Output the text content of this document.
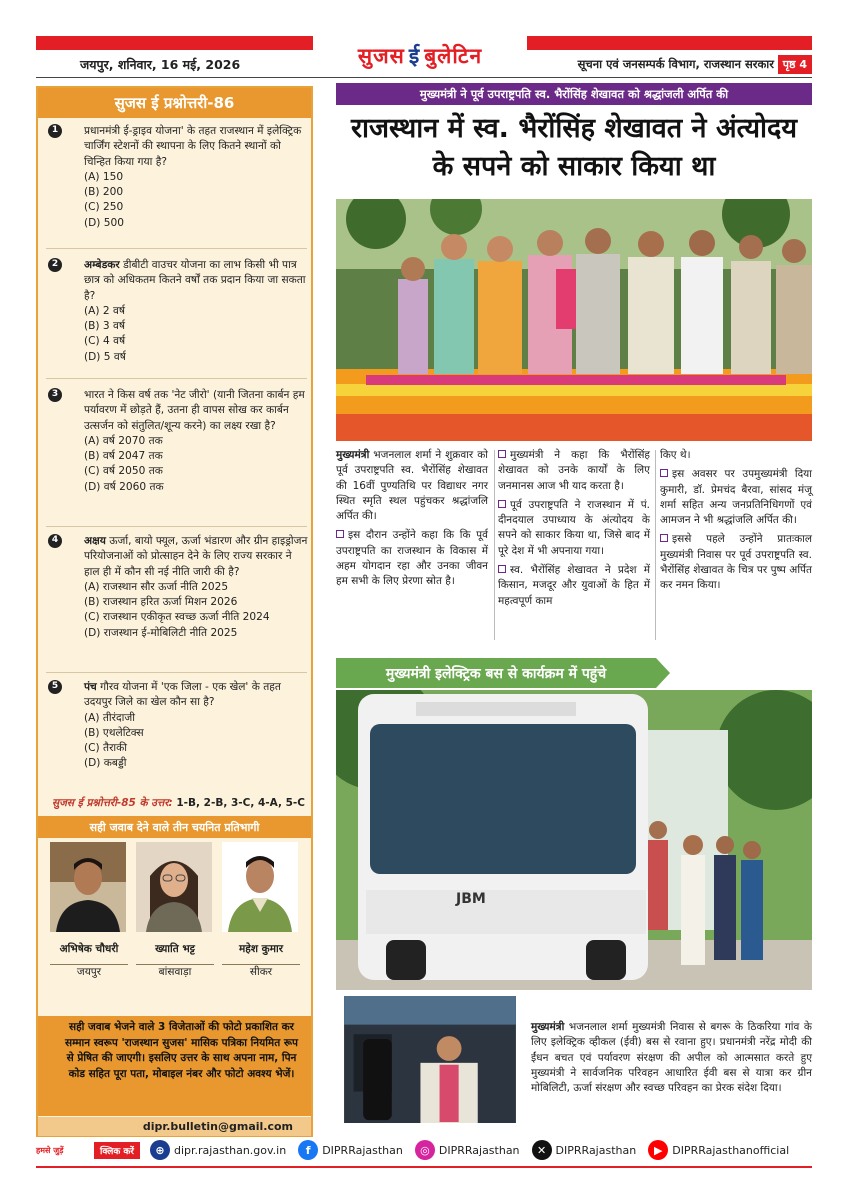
सुजस ई बुलेटिन
जयपुर, शनिवार, 16 मई, 2026	सूचना एवं जनसम्पर्क विभाग, राजस्थान सरकार पृष्ठ 4
सुजस ई प्रश्नोत्तरी-86
1	प्रधानमंत्री ई-ड्राइव योजना' के तहत राजस्थान में इलेक्ट्रिक चार्जिंग स्टेशनों की स्थापना के लिए कितने स्थानों को चिन्हित किया गया है?
(A) 150
(B) 200
(C) 250
(D) 500
2	अम्बेडकर डीबीटी वाउचर योजना का लाभ किसी भी पात्र छात्र को अधिकतम कितने वर्षों तक प्रदान किया जा सकता है?
(A) 2 वर्ष
(B) 3 वर्ष
(C) 4 वर्ष
(D) 5 वर्ष
3	भारत ने किस वर्ष तक 'नेट जीरो' (यानी जितना कार्बन हम पर्यावरण में छोड़ते हैं, उतना ही वापस सोख कर कार्बन उत्सर्जन को संतुलित/शून्य करने) का लक्ष्य रखा है?
(A) वर्ष 2070 तक
(B) वर्ष 2047 तक
(C) वर्ष 2050 तक
(D) वर्ष 2060 तक
4	अक्षय ऊर्जा, बायो फ्यूल, ऊर्जा भंडारण और ग्रीन हाइड्रोजन परियोजनाओं को प्रोत्साहन देने के लिए राज्य सरकार ने हाल ही में कौन सी नई नीति जारी की है?
(A) राजस्थान सौर ऊर्जा नीति 2025
(B) राजस्थान हरित ऊर्जा मिशन 2026
(C) राजस्थान एकीकृत स्वच्छ ऊर्जा नीति 2024
(D) राजस्थान ई-मोबिलिटी नीति 2025
5	पंच गौरव योजना में 'एक जिला - एक खेल' के तहत उदयपुर जिले का खेल कौन सा है?
(A) तीरंदाजी
(B) एथलेटिक्स
(C) तैराकी
(D) कबड्डी
सुजस ई प्रश्नोत्तरी-85 के उत्तर: 1-B, 2-B, 3-C, 4-A, 5-C
सही जवाब देने वाले तीन चयनित प्रतिभागी
अभिषेक चौधरी
जयपुर
ख्याति भट्ट
बांसवाड़ा
महेश कुमार
सीकर
सही जवाब भेजने वाले 3 विजेताओं की फोटो प्रकाशित कर सम्मान स्वरूप 'राजस्थान सुजस' मासिक पत्रिका नियमित रूप से प्रेषित की जाएगी। इसलिए उत्तर के साथ अपना नाम, पिन कोड सहित पूरा पता, मोबाइल नंबर और फोटो अवश्य भेजें।
dipr.bulletin@gmail.com
मुख्यमंत्री ने पूर्व उपराष्ट्रपति स्व. भैरोंसिंह शेखावत को श्रद्धांजली अर्पित की
राजस्थान में स्व. भैरोंसिंह शेखावत ने अंत्योदय के सपने को साकार किया था

मुख्यमंत्री भजनलाल शर्मा ने शुक्रवार को पूर्व उपराष्ट्रपति स्व. भैरोंसिंह शेखावत की 16वीं पुण्यतिथि पर विद्याधर नगर स्थित स्मृति स्थल पहुंचकर श्रद्धांजलि अर्पित की।

इस दौरान उन्होंने कहा कि कि पूर्व उपराष्ट्रपति का राजस्थान के विकास में अहम योगदान रहा और उनका जीवन हम सभी के लिए प्रेरणा स्रोत है।

मुख्यमंत्री ने कहा कि भैरोंसिंह शेखावत को उनके कार्यों के लिए जनमानस आज भी याद करता है।

पूर्व उपराष्ट्रपति ने राजस्थान में पं. दीनदयाल उपाध्याय के अंत्योदय के सपने को साकार किया था, जिसे बाद में पूरे देश में भी अपनाया गया।

स्व. भैरोंसिंह शेखावत ने प्रदेश में किसान, मजदूर और युवाओं के हित में महत्वपूर्ण काम

किए थे।

इस अवसर पर उपमुख्यमंत्री दिया कुमारी, डॉ. प्रेमचंद बैरवा, सांसद मंजू शर्मा सहित अन्य जनप्रतिनिधिगणों एवं आमजन ने भी श्रद्धांजलि अर्पित की।

इससे पहले उन्होंने प्रातःकाल मुख्यमंत्री निवास पर पूर्व उपराष्ट्रपति स्व. भैरोंसिंह शेखावत के चित्र पर पुष्प अर्पित कर नमन किया।

मुख्यमंत्री इलेक्ट्रिक बस से कार्यक्रम में पहुंचे
JBM
मुख्यमंत्री भजनलाल शर्मा मुख्यमंत्री निवास से बगरू के ठिकरिया गांव के लिए इलेक्ट्रिक व्हीकल (ईवी) बस से रवाना हुए। प्रधानमंत्री नरेंद्र मोदी की ईंधन बचत एवं पर्यावरण संरक्षण की अपील को आत्मसात करते हुए मुख्यमंत्री ने सार्वजनिक परिवहन आधारित ईवी बस से यात्रा कर ग्रीन मोबिलिटी, ऊर्जा संरक्षण और स्वच्छ परिवहन का प्रेरक संदेश दिया।
हमसे जुड़ें	क्लिक करें	⊕ dipr.rajasthan.gov.in	f	DIPRRajasthan	◎ DIPRRajasthan	✕ DIPRRajasthan	▶ DIPRRajasthanofficial
